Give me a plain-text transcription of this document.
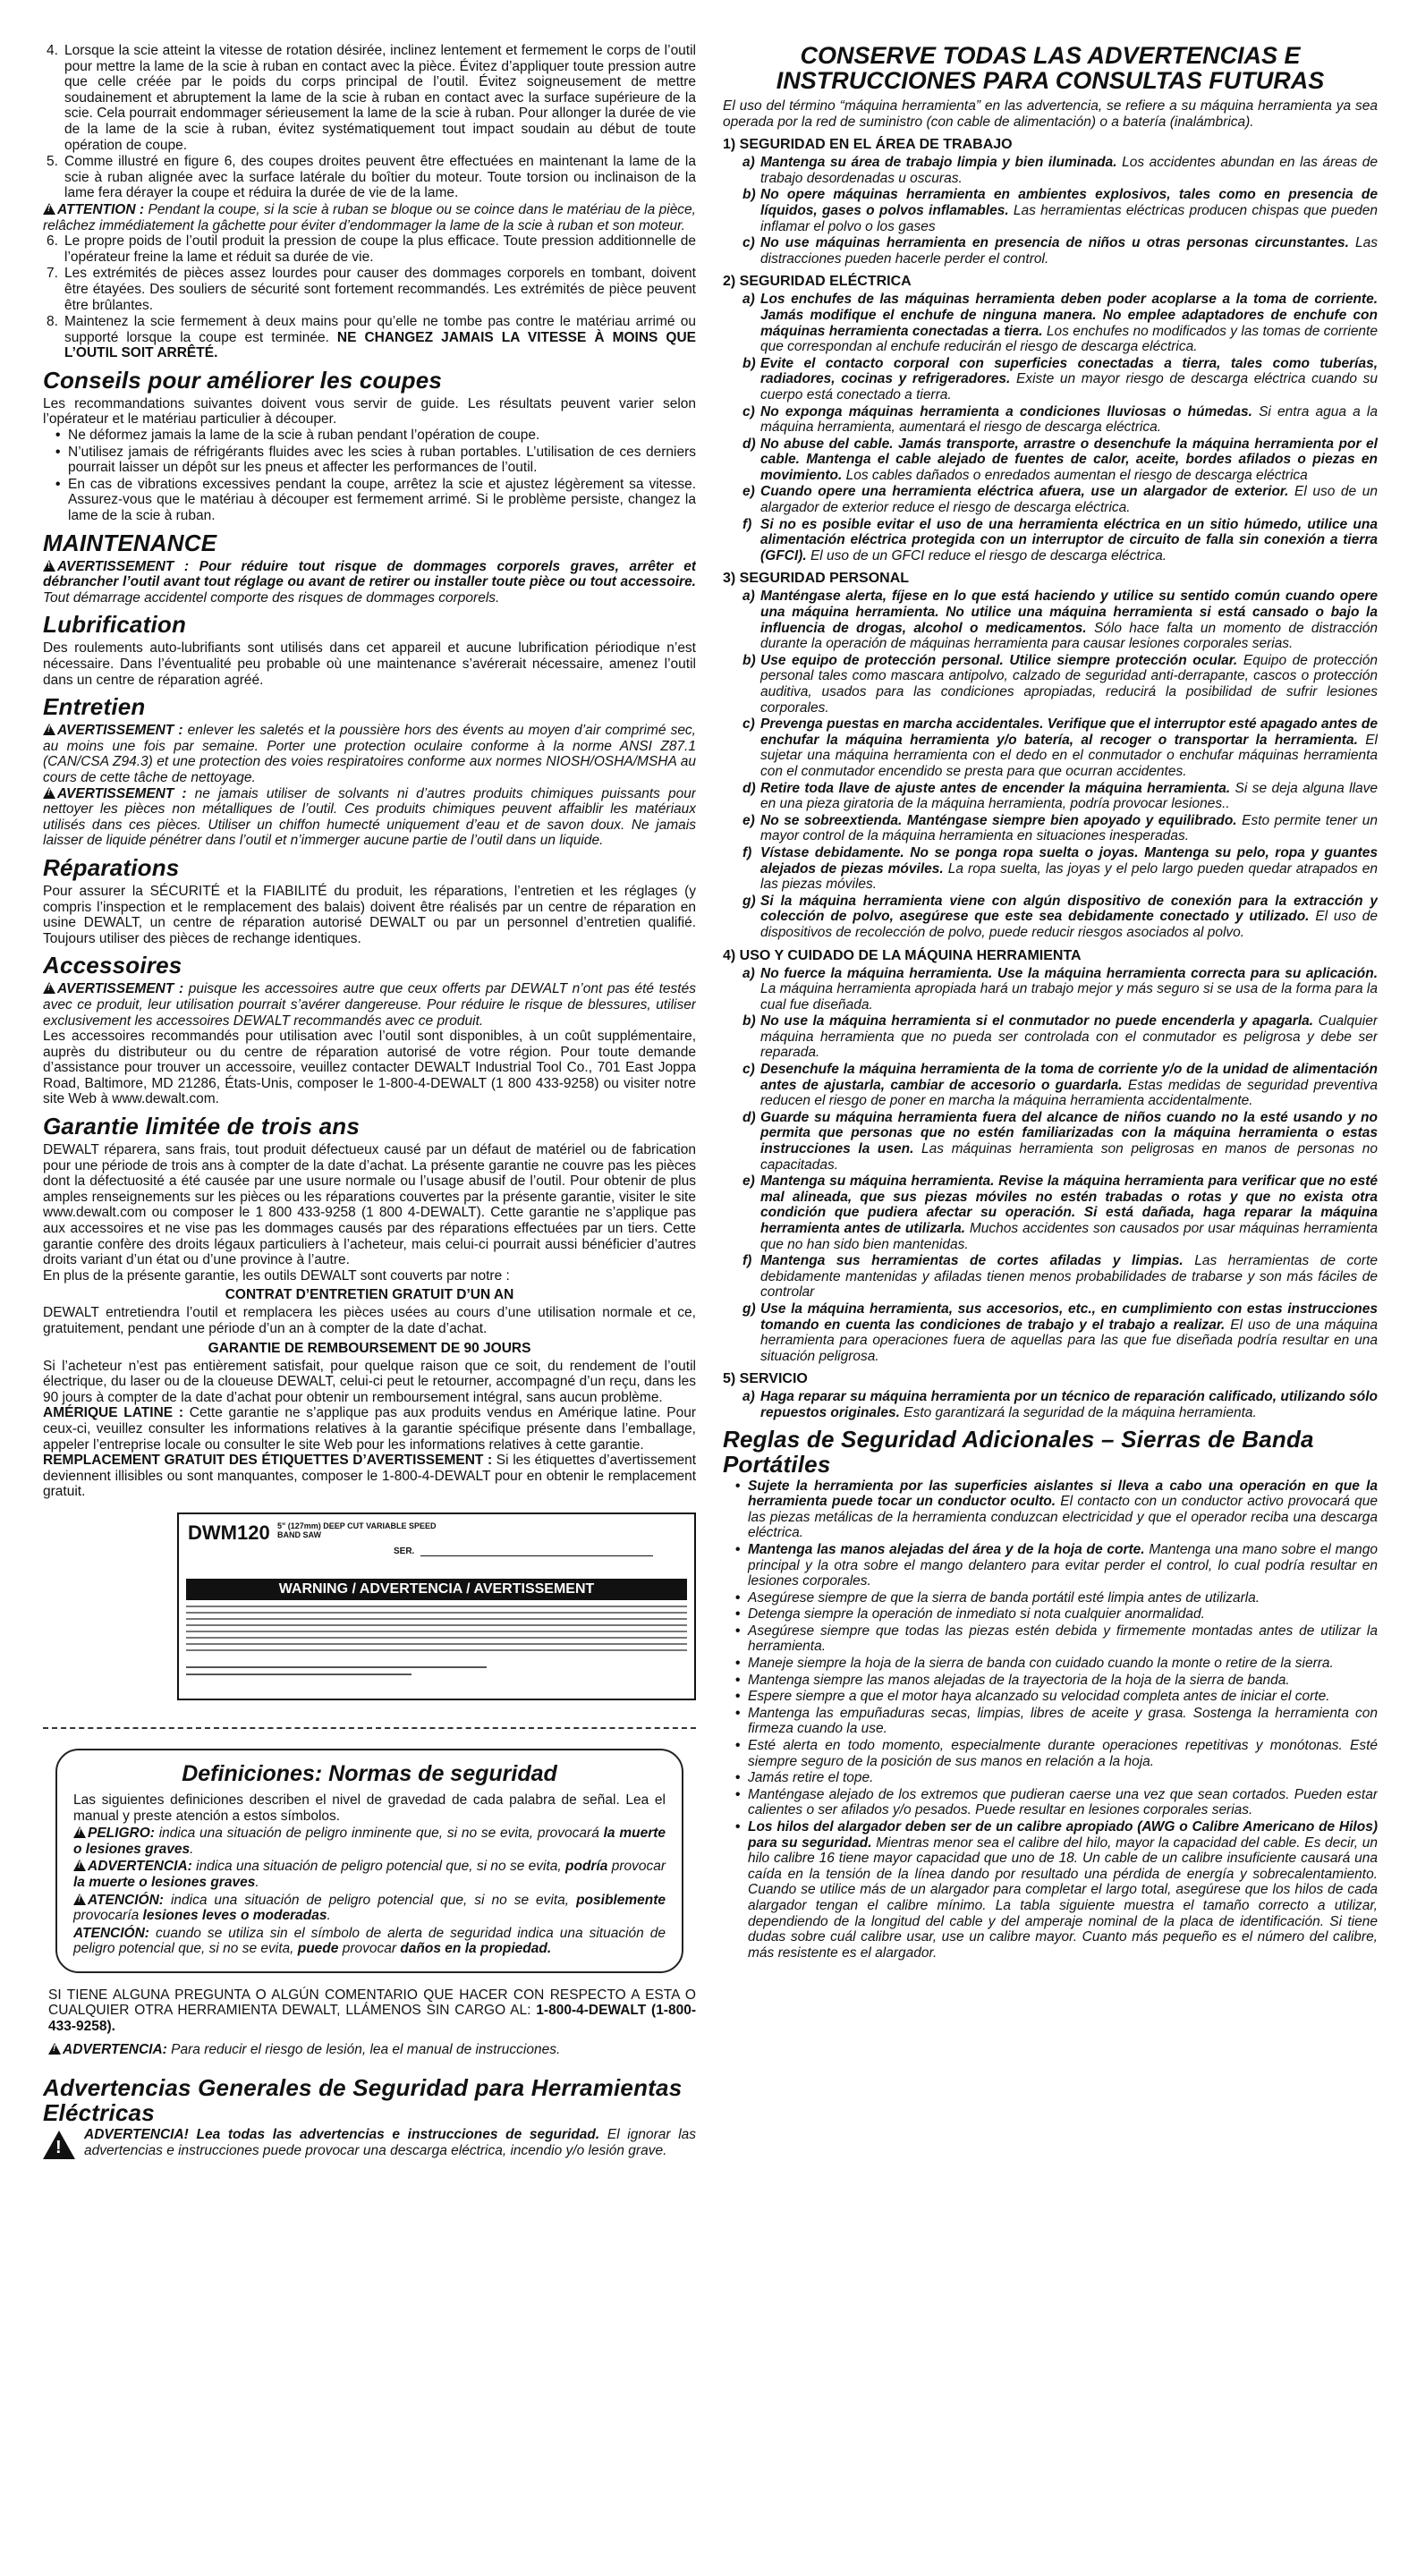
4. Lorsque la scie atteint la vitesse de rotation désirée, inclinez lentement et fermement le corps de l’outil pour mettre la lame de la scie à ruban en contact avec la pièce. Évitez d’appliquer toute pression autre que celle créée par le poids du corps principal de l’outil. Évitez soigneusement de mettre soudainement et abruptement la lame de la scie à ruban en contact avec la surface supérieure de la scie. Cela pourrait endommager sérieusement la lame de la scie à ruban. Pour allonger la durée de vie de la lame de la scie à ruban, évitez systématiquement tout impact soudain au début de toute opération de coupe.
5. Comme illustré en figure 6, des coupes droites peuvent être effectuées en maintenant la lame de la scie à ruban alignée avec la surface latérale du boîtier du moteur. Toute torsion ou inclinaison de la lame fera dérayer la coupe et réduira la durée de vie de la lame.

!ATTENTION : Pendant la coupe, si la scie à ruban se bloque ou se coince dans le matériau de la pièce, relâchez immédiatement la gâchette pour éviter d’endommager la lame de la scie à ruban et son moteur.

6. Le propre poids de l’outil produit la pression de coupe la plus efficace. Toute pression additionnelle de l’opérateur freine la lame et réduit sa durée de vie.
7. Les extrémités de pièces assez lourdes pour causer des dommages corporels en tombant, doivent être étayées. Des souliers de sécurité sont fortement recommandés. Les extrémités de pièce peuvent être brûlantes.
8. Maintenez la scie fermement à deux mains pour qu’elle ne tombe pas contre le matériau arrimé ou supporté lorsque la coupe est terminée. NE CHANGEZ JAMAIS LA VITESSE À MOINS QUE L’OUTIL SOIT ARRÊTÉ.
Conseils pour améliorer les coupes

Les recommandations suivantes doivent vous servir de guide. Les résultats peuvent varier selon l’opérateur et le matériau particulier à découper.

• Ne déformez jamais la lame de la scie à ruban pendant l’opération de coupe.
• N’utilisez jamais de réfrigérants fluides avec les scies à ruban portables. L’utilisation de ces derniers pourrait laisser un dépôt sur les pneus et affecter les performances de l’outil.
• En cas de vibrations excessives pendant la coupe, arrêtez la scie et ajustez légèrement sa vitesse. Assurez-vous que le matériau à découper est fermement arrimé. Si le problème persiste, changez la lame de la scie à ruban.
MAINTENANCE

!AVERTISSEMENT : Pour réduire tout risque de dommages corporels graves, arrêter et débrancher l’outil avant tout réglage ou avant de retirer ou installer toute pièce ou tout accessoire. Tout démarrage accidentel comporte des risques de dommages corporels.

Lubrification

Des roulements auto-lubrifiants sont utilisés dans cet appareil et aucune lubrification périodique n’est nécessaire. Dans l’éventualité peu probable où une maintenance s’avérerait nécessaire, amenez l’outil dans un centre de réparation agréé.

Entretien

!AVERTISSEMENT : enlever les saletés et la poussière hors des évents au moyen d’air comprimé sec, au moins une fois par semaine. Porter une protection oculaire conforme à la norme ANSI Z87.1 (CAN/CSA Z94.3) et une protection des voies respiratoires conforme aux normes NIOSH/OSHA/MSHA au cours de cette tâche de nettoyage.

!AVERTISSEMENT : ne jamais utiliser de solvants ni d’autres produits chimiques puissants pour nettoyer les pièces non métalliques de l’outil. Ces produits chimiques peuvent affaiblir les matériaux utilisés dans ces pièces. Utiliser un chiffon humecté uniquement d’eau et de savon doux. Ne jamais laisser de liquide pénétrer dans l’outil et n’immerger aucune partie de l’outil dans un liquide.

Réparations

Pour assurer la SÉCURITÉ et la FIABILITÉ du produit, les réparations, l’entretien et les réglages (y compris l’inspection et le remplacement des balais) doivent être réalisés par un centre de réparation en usine DEWALT, un centre de réparation autorisé DEWALT ou par un personnel d’entretien qualifié. Toujours utiliser des pièces de rechange identiques.

Accessoires

!AVERTISSEMENT : puisque les accessoires autre que ceux offerts par DEWALT n’ont pas été testés avec ce produit, leur utilisation pourrait s’avérer dangereuse. Pour réduire le risque de blessures, utiliser exclusivement les accessoires DEWALT recommandés avec ce produit.

Les accessoires recommandés pour utilisation avec l’outil sont disponibles, à un coût supplémentaire, auprès du distributeur ou du centre de réparation autorisé de votre région. Pour toute demande d’assistance pour trouver un accessoire, veuillez contacter DEWALT Industrial Tool Co., 701 East Joppa Road, Baltimore, MD 21286, États-Unis, composer le 1-800-4-DEWALT (1 800 433-9258) ou visiter notre site Web à www.dewalt.com.

Garantie limitée de trois ans

DEWALT réparera, sans frais, tout produit défectueux causé par un défaut de matériel ou de fabrication pour une période de trois ans à compter de la date d’achat. La présente garantie ne couvre pas les pièces dont la défectuosité a été causée par une usure normale ou l’usage abusif de l’outil. Pour obtenir de plus amples renseignements sur les pièces ou les réparations couvertes par la présente garantie, visiter le site www.dewalt.com ou composer le 1 800 433-9258 (1 800 4-DEWALT). Cette garantie ne s’applique pas aux accessoires et ne vise pas les dommages causés par des réparations effectuées par un tiers. Cette garantie confère des droits légaux particuliers à l’acheteur, mais celui-ci pourrait aussi bénéficier d’autres droits variant d’un état ou d’une province à l’autre.

En plus de la présente garantie, les outils DEWALT sont couverts par notre :

CONTRAT D’ENTRETIEN GRATUIT D’UN AN

DEWALT entretiendra l’outil et remplacera les pièces usées au cours d’une utilisation normale et ce, gratuitement, pendant une période d’un an à compter de la date d’achat.

GARANTIE DE REMBOURSEMENT DE 90 JOURS

Si l’acheteur n’est pas entièrement satisfait, pour quelque raison que ce soit, du rendement de l’outil électrique, du laser ou de la cloueuse DEWALT, celui-ci peut le retourner, accompagné d’un reçu, dans les 90 jours à compter de la date d’achat pour obtenir un remboursement intégral, sans aucun problème.

AMÉRIQUE LATINE : Cette garantie ne s’applique pas aux produits vendus en Amérique latine. Pour ceux-ci, veuillez consulter les informations relatives à la garantie spécifique présente dans l’emballage, appeler l’entreprise locale ou consulter le site Web pour les informations relatives à cette garantie.

REMPLACEMENT GRATUIT DES ÉTIQUETTES D’AVERTISSEMENT : Si les étiquettes d’avertissement deviennent illisibles ou sont manquantes, composer le 1-800-4-DEWALT pour en obtenir le remplacement gratuit.

DWM120 5" (127mm) DEEP CUT VARIABLE SPEED BAND SAW
SER.
WARNING / ADVERTENCIA / AVERTISSEMENT
Definiciones: Normas de seguridad

Las siguientes definiciones describen el nivel de gravedad de cada palabra de señal. Lea el manual y preste atención a estos símbolos.

!PELIGRO: indica una situación de peligro inminente que, si no se evita, provocará la muerte o lesiones graves.

!ADVERTENCIA: indica una situación de peligro potencial que, si no se evita, podría provocar la muerte o lesiones graves.

!ATENCIÓN: indica una situación de peligro potencial que, si no se evita, posiblemente provocaría lesiones leves o moderadas.

ATENCIÓN: cuando se utiliza sin el símbolo de alerta de seguridad indica una situación de peligro potencial que, si no se evita, puede provocar daños en la propiedad.

SI TIENE ALGUNA PREGUNTA O ALGÚN COMENTARIO QUE HACER CON RESPECTO A ESTA O CUALQUIER OTRA HERRAMIENTA DEWALT, LLÁMENOS SIN CARGO AL: 1-800-4-DEWALT (1-800-433-9258).

!ADVERTENCIA: Para reducir el riesgo de lesión, lea el manual de instrucciones.

Advertencias Generales de Seguridad para Herramientas Eléctricas

!
ADVERTENCIA! Lea todas las advertencias e instrucciones de seguridad. El ignorar las advertencias e instrucciones puede provocar una descarga eléctrica, incendio y/o lesión grave.

CONSERVE TODAS LAS ADVERTENCIAS E INSTRUCCIONES PARA CONSULTAS FUTURAS

El uso del término “máquina herramienta” en las advertencia, se refiere a su máquina herramienta ya sea operada por la red de suministro (con cable de alimentación) o a batería (inalámbrica).

1) SEGURIDAD EN EL ÁREA DE TRABAJO
a) Mantenga su área de trabajo limpia y bien iluminada. Los accidentes abundan en las áreas de trabajo desordenadas u oscuras.
b) No opere máquinas herramienta en ambientes explosivos, tales como en presencia de líquidos, gases o polvos inflamables. Las herramientas eléctricas producen chispas que pueden inflamar el polvo o los gases
c) No use máquinas herramienta en presencia de niños u otras personas circunstantes. Las distracciones pueden hacerle perder el control.
2) SEGURIDAD ELÉCTRICA
a) Los enchufes de las máquinas herramienta deben poder acoplarse a la toma de corriente. Jamás modifique el enchufe de ninguna manera. No emplee adaptadores de enchufe con máquinas herramienta conectadas a tierra. Los enchufes no modificados y las tomas de corriente que correspondan al enchufe reducirán el riesgo de descarga eléctrica.
b) Evite el contacto corporal con superficies conectadas a tierra, tales como tuberías, radiadores, cocinas y refrigeradores. Existe un mayor riesgo de descarga eléctrica cuando su cuerpo está conectado a tierra.
c) No exponga máquinas herramienta a condiciones lluviosas o húmedas. Si entra agua a la máquina herramienta, aumentará el riesgo de descarga eléctrica.
d) No abuse del cable. Jamás transporte, arrastre o desenchufe la máquina herramienta por el cable. Mantenga el cable alejado de fuentes de calor, aceite, bordes afilados o piezas en movimiento. Los cables dañados o enredados aumentan el riesgo de descarga eléctrica
e) Cuando opere una herramienta eléctrica afuera, use un alargador de exterior. El uso de un alargador de exterior reduce el riesgo de descarga eléctrica.
f) Si no es posible evitar el uso de una herramienta eléctrica en un sitio húmedo, utilice una alimentación eléctrica protegida con un interruptor de circuito de falla sin conexión a tierra (GFCI). El uso de un GFCI reduce el riesgo de descarga eléctrica.
3) SEGURIDAD PERSONAL
a) Manténgase alerta, fíjese en lo que está haciendo y utilice su sentido común cuando opere una máquina herramienta. No utilice una máquina herramienta si está cansado o bajo la influencia de drogas, alcohol o medicamentos. Sólo hace falta un momento de distracción durante la operación de máquinas herramienta para causar lesiones corporales serias.
b) Use equipo de protección personal. Utilice siempre protección ocular. Equipo de protección personal tales como mascara antipolvo, calzado de seguridad anti-derrapante, cascos o protección auditiva, usados para las condiciones apropiadas, reducirá la posibilidad de sufrir lesiones corporales.
c) Prevenga puestas en marcha accidentales. Verifique que el interruptor esté apagado antes de enchufar la máquina herramienta y/o batería, al recoger o transportar la herramienta. El sujetar una máquina herramienta con el dedo en el conmutador o enchufar máquinas herramienta con el conmutador encendido se presta para que ocurran accidentes.
d) Retire toda llave de ajuste antes de encender la máquina herramienta. Si se deja alguna llave en una pieza giratoria de la máquina herramienta, podría provocar lesiones..
e) No se sobreextienda. Manténgase siempre bien apoyado y equilibrado. Esto permite tener un mayor control de la máquina herramienta en situaciones inesperadas.
f) Vístase debidamente. No se ponga ropa suelta o joyas. Mantenga su pelo, ropa y guantes alejados de piezas móviles. La ropa suelta, las joyas y el pelo largo pueden quedar atrapados en las piezas móviles.
g) Si la máquina herramienta viene con algún dispositivo de conexión para la extracción y colección de polvo, asegúrese que este sea debidamente conectado y utilizado. El uso de dispositivos de recolección de polvo, puede reducir riesgos asociados al polvo.
4) USO Y CUIDADO DE LA MÁQUINA HERRAMIENTA
a) No fuerce la máquina herramienta. Use la máquina herramienta correcta para su aplicación. La máquina herramienta apropiada hará un trabajo mejor y más seguro si se usa de la forma para la cual fue diseñada.
b) No use la máquina herramienta si el conmutador no puede encenderla y apagarla. Cualquier máquina herramienta que no pueda ser controlada con el conmutador es peligrosa y debe ser reparada.
c) Desenchufe la máquina herramienta de la toma de corriente y/o de la unidad de alimentación antes de ajustarla, cambiar de accesorio o guardarla. Estas medidas de seguridad preventiva reducen el riesgo de poner en marcha la máquina herramienta accidentalmente.
d) Guarde su máquina herramienta fuera del alcance de niños cuando no la esté usando y no permita que personas que no estén familiarizadas con la máquina herramienta o estas instrucciones la usen. Las máquinas herramienta son peligrosas en manos de personas no capacitadas.
e) Mantenga su máquina herramienta. Revise la máquina herramienta para verificar que no esté mal alineada, que sus piezas móviles no estén trabadas o rotas y que no exista otra condición que pudiera afectar su operación. Si está dañada, haga reparar la máquina herramienta antes de utilizarla. Muchos accidentes son causados por usar máquinas herramienta que no han sido bien mantenidas.
f) Mantenga sus herramientas de cortes afiladas y limpias. Las herramientas de corte debidamente mantenidas y afiladas tienen menos probabilidades de trabarse y son más fáciles de controlar
g) Use la máquina herramienta, sus accesorios, etc., en cumplimiento con estas instrucciones tomando en cuenta las condiciones de trabajo y el trabajo a realizar. El uso de una máquina herramienta para operaciones fuera de aquellas para las que fue diseñada podría resultar en una situación peligrosa.
5) SERVICIO
a) Haga reparar su máquina herramienta por un técnico de reparación calificado, utilizando sólo repuestos originales. Esto garantizará la seguridad de la máquina herramienta.
Reglas de Seguridad Adicionales – Sierras de Banda Portátiles
• Sujete la herramienta por las superficies aislantes si lleva a cabo una operación en que la herramienta puede tocar un conductor oculto. El contacto con un conductor activo provocará que las piezas metálicas de la herramienta conduzcan electricidad y que el operador reciba una descarga eléctrica.
• Mantenga las manos alejadas del área y de la hoja de corte. Mantenga una mano sobre el mango principal y la otra sobre el mango delantero para evitar perder el control, lo cual podría resultar en lesiones corporales.
• Asegúrese siempre de que la sierra de banda portátil esté limpia antes de utilizarla.
• Detenga siempre la operación de inmediato si nota cualquier anormalidad.
• Asegúrese siempre que todas las piezas estén debida y firmemente montadas antes de utilizar la herramienta.
• Maneje siempre la hoja de la sierra de banda con cuidado cuando la monte o retire de la sierra.
• Mantenga siempre las manos alejadas de la trayectoria de la hoja de la sierra de banda.
• Espere siempre a que el motor haya alcanzado su velocidad completa antes de iniciar el corte.
• Mantenga las empuñaduras secas, limpias, libres de aceite y grasa. Sostenga la herramienta con firmeza cuando la use.
• Esté alerta en todo momento, especialmente durante operaciones repetitivas y monótonas. Esté siempre seguro de la posición de sus manos en relación a la hoja.
• Jamás retire el tope.
• Manténgase alejado de los extremos que pudieran caerse una vez que sean cortados. Pueden estar calientes o ser afilados y/o pesados. Puede resultar en lesiones corporales serias.
• Los hilos del alargador deben ser de un calibre apropiado (AWG o Calibre Americano de Hilos) para su seguridad. Mientras menor sea el calibre del hilo, mayor la capacidad del cable. Es decir, un hilo calibre 16 tiene mayor capacidad que uno de 18. Un cable de un calibre insuficiente causará una caída en la tensión de la línea dando por resultado una pérdida de energía y sobrecalentamiento. Cuando se utilice más de un alargador para completar el largo total, asegúrese que los hilos de cada alargador tengan el calibre mínimo. La tabla siguiente muestra el tamaño correcto a utilizar, dependiendo de la longitud del cable y del amperaje nominal de la placa de identificación. Si tiene dudas sobre cuál calibre usar, use un calibre mayor. Cuanto más pequeño es el número del calibre, más resistente es el alargador.
